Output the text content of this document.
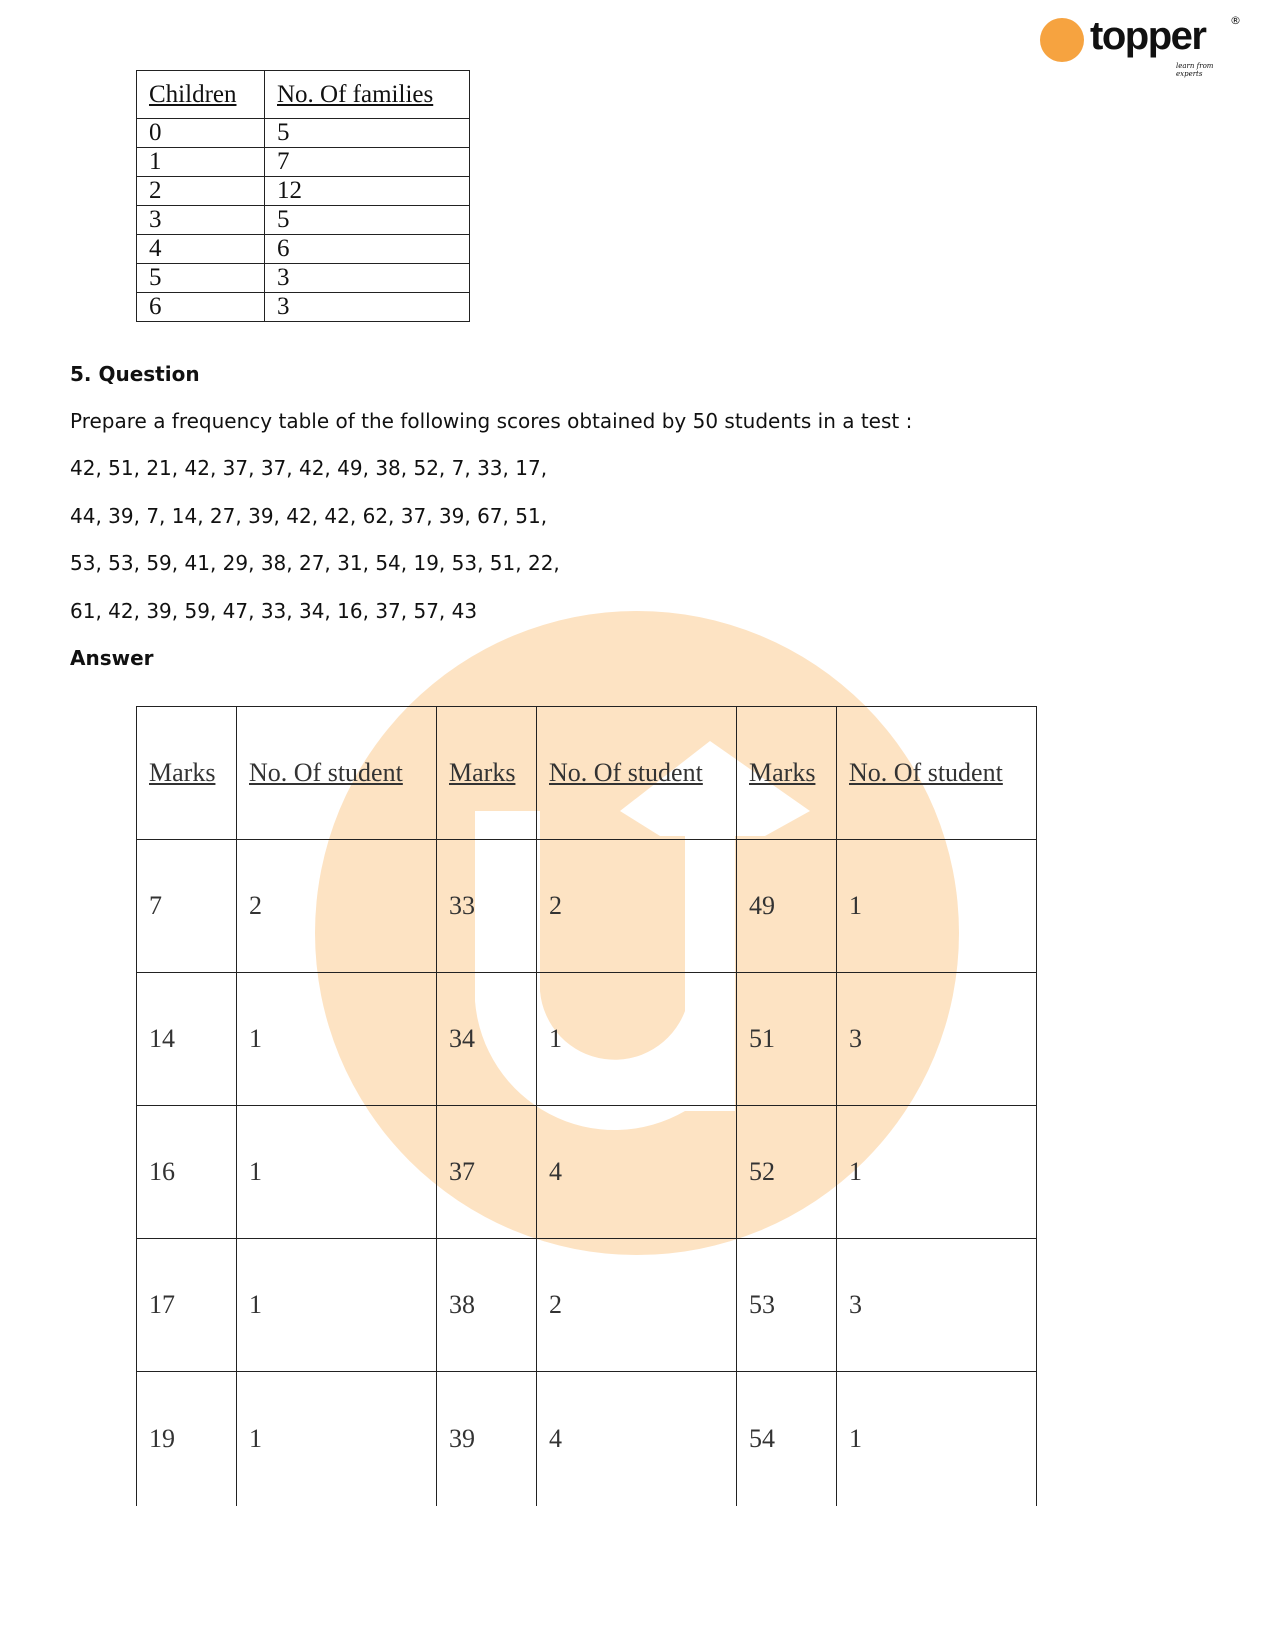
topper ®
learn from experts
Children	No. Of families
0	5
1	7
2	12
3	5
4	6
5	3
6	3
5. Question
Prepare a frequency table of the following scores obtained by 50 students in a test :
42, 51, 21, 42, 37, 37, 42, 49, 38, 52, 7, 33, 17,
44, 39, 7, 14, 27, 39, 42, 42, 62, 37, 39, 67, 51,
53, 53, 59, 41, 29, 38, 27, 31, 54, 19, 53, 51, 22,
61, 42, 39, 59, 47, 33, 34, 16, 37, 57, 43
Answer
Marks	No. Of student	Marks	No. Of student	Marks	No. Of student
7	2	33	2	49	1
14	1	34	1	51	3
16	1	37	4	52	1
17	1	38	2	53	3
19	1	39	4	54	1
